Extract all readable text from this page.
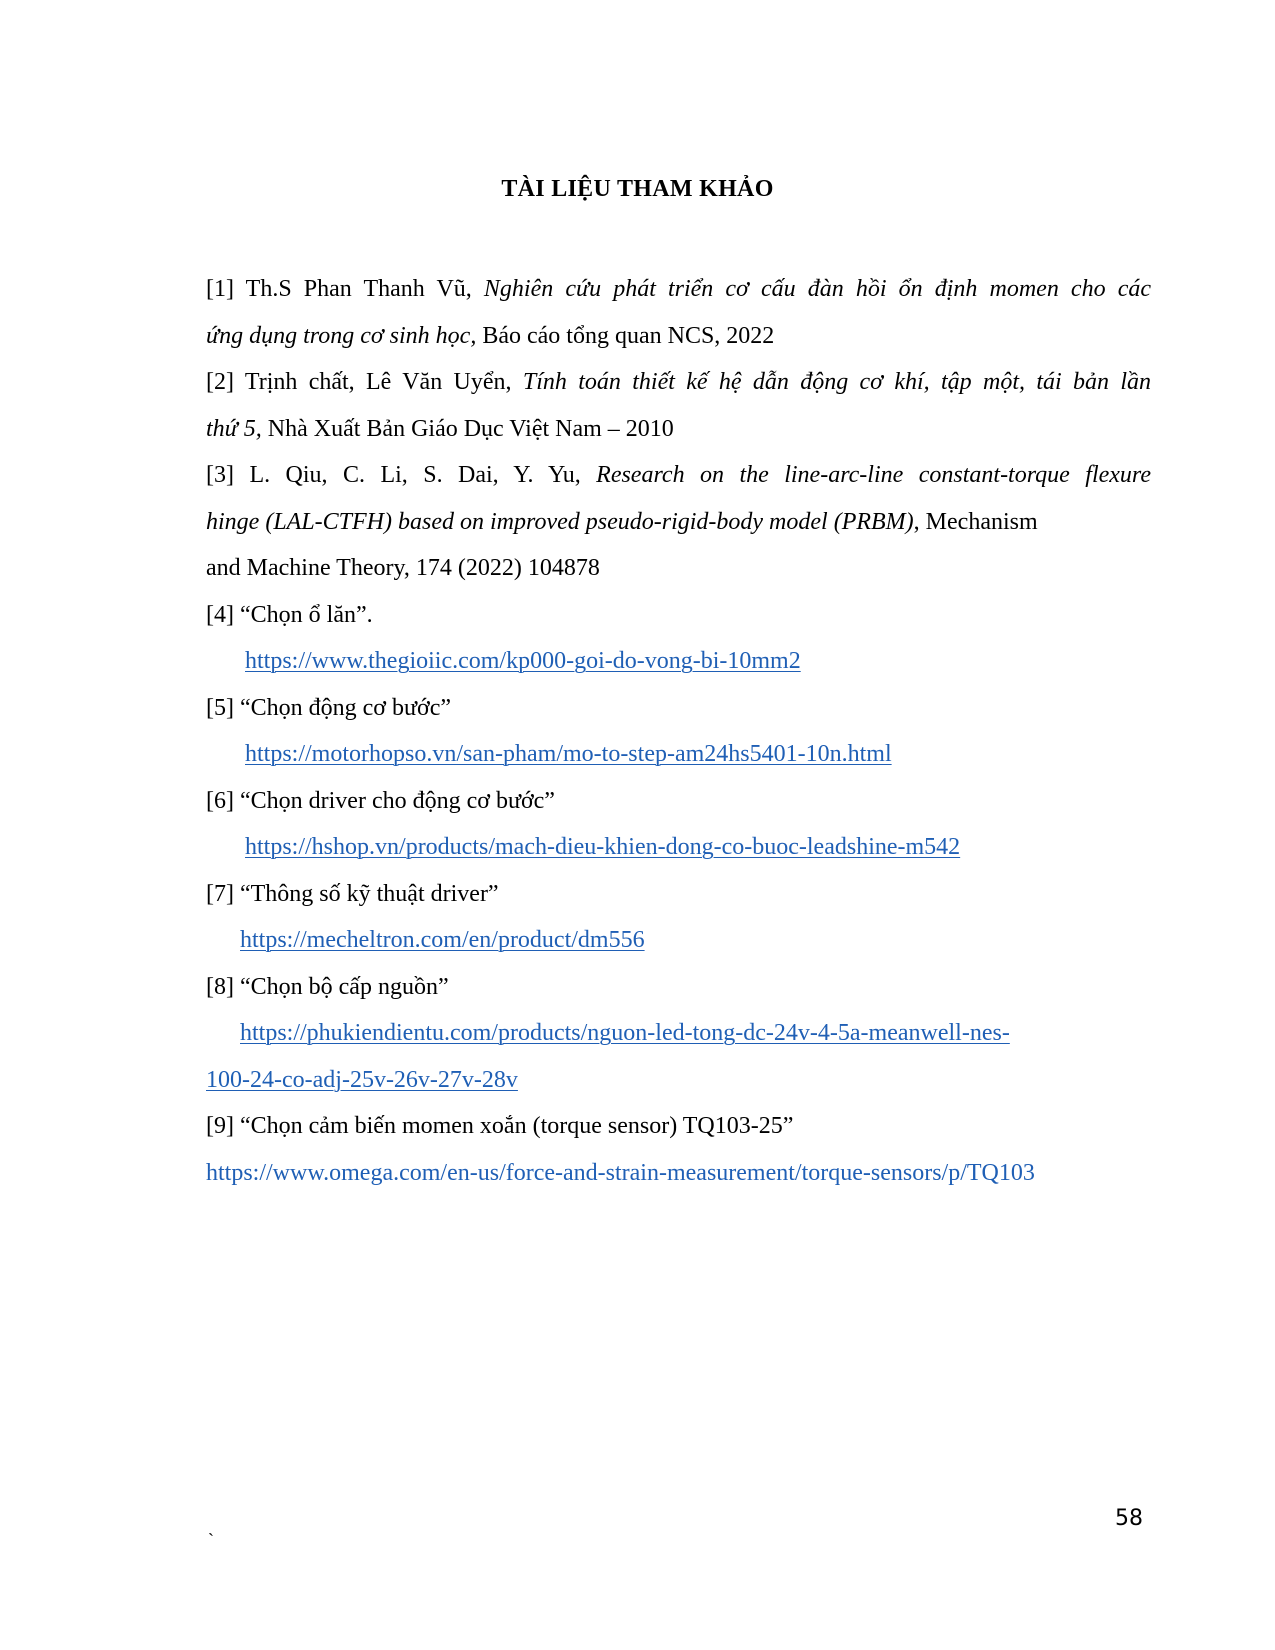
TÀI LIỆU THAM KHẢO
[1] Th.S Phan Thanh Vũ, Nghiên cứu phát triển cơ cấu đàn hồi ổn định momen cho các
ứng dụng trong cơ sinh học, Báo cáo tổng quan NCS, 2022
[2] Trịnh chất, Lê Văn Uyển, Tính toán thiết kế hệ dẫn động cơ khí, tập một, tái bản lần
thứ 5, Nhà Xuất Bản Giáo Dục Việt Nam – 2010
[3] L. Qiu, C. Li, S. Dai, Y. Yu, Research on the line-arc-line constant-torque flexure
hinge (LAL-CTFH) based on improved pseudo-rigid-body model (PRBM), Mechanism
and Machine Theory, 174 (2022) 104878
[4] “Chọn ổ lăn”.
https://www.thegioiic.com/kp000-goi-do-vong-bi-10mm2
[5] “Chọn động cơ bước”
https://motorhopso.vn/san-pham/mo-to-step-am24hs5401-10n.html
[6] “Chọn driver cho động cơ bước”
https://hshop.vn/products/mach-dieu-khien-dong-co-buoc-leadshine-m542
[7] “Thông số kỹ thuật driver”
https://mecheltron.com/en/product/dm556
[8] “Chọn bộ cấp nguồn”
https://phukiendientu.com/products/nguon-led-tong-dc-24v-4-5a-meanwell-nes-
100-24-co-adj-25v-26v-27v-28v
[9] “Chọn cảm biến momen xoắn (torque sensor) TQ103-25”
https://www.omega.com/en-us/force-and-strain-measurement/torque-sensors/p/TQ103
58
`
